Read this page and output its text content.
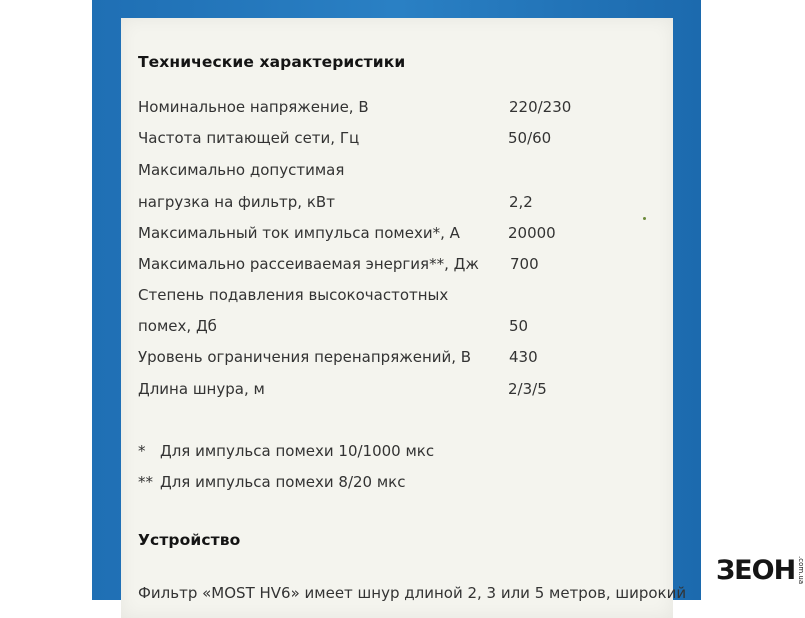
Технические характеристики
Номинальное напряжение, В	220/230
Частота питающей сети, Гц	50/60
Максимально допустимая
нагрузка на фильтр, кВт	2,2
Максимальный ток импульса помехи*, А	20000
Максимально рассеиваемая энергия**, Дж 700
Степень подавления высокочастотных
помех, Дб	50
Уровень ограничения перенапряжений, В	430
Длина шнура, м	2/3/5
* Для импульса помехи 10/1000 мкс
** Для импульса помехи 8/20 мкс
Устройство
Фильтр «MOST HV6» имеет шнур длиной 2, 3 или 5 метров, широкий
ЗЕОН .com.ua
